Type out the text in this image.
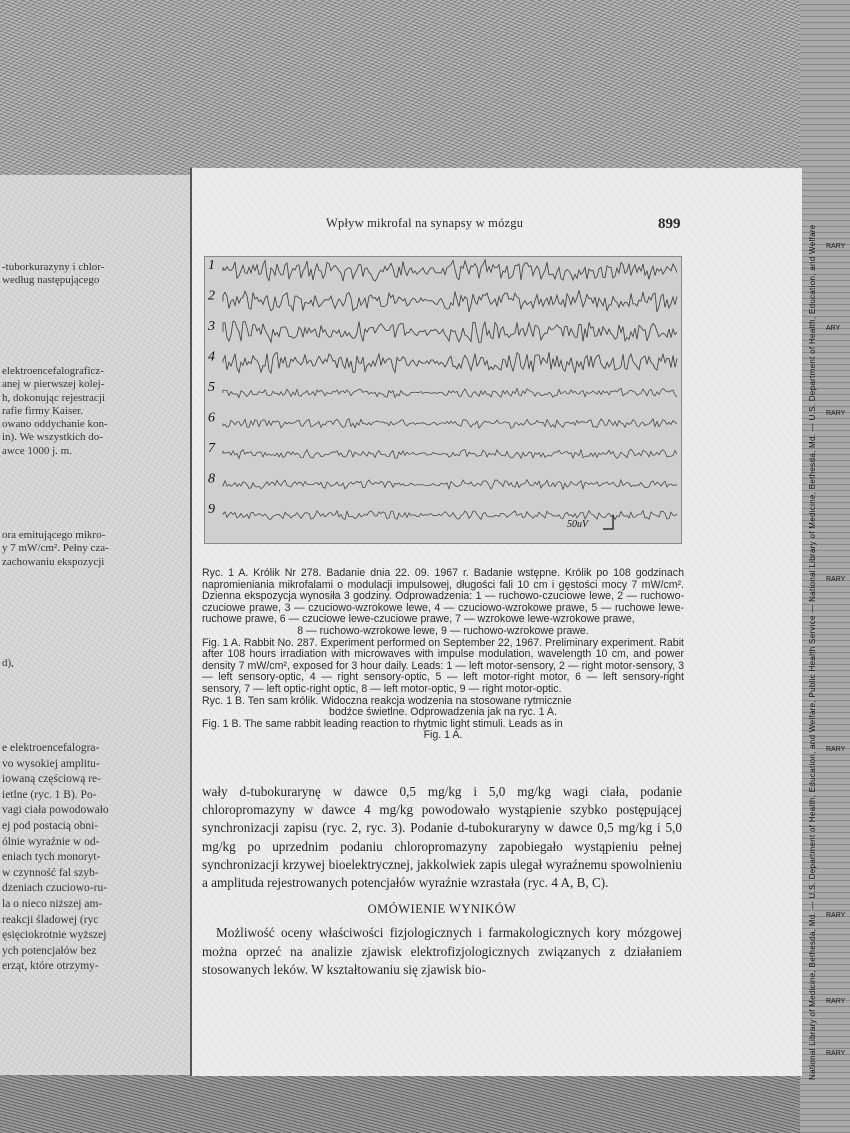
National Library of Medicine, Bethesda, Md. — U.S. Department of Health, Education, and Welfare, Public Health Service — National Library of Medicine, Bethesda, Md. — U.S. Department of Health, Education, and Welfare RARY
ARY
RARY
RARY
RARY
RARY
RARY
RARY
-tuborkurazyny i chlor-
według następującego
elektroencefalograficz-
anej w pierwszej kolej-
h, dokonując rejestracji
rafie firmy Kaiser.
owano oddychanie kon-
in). We wszystkich do-
awce 1000 j. m.
ora emitującego mikro-
y 7 mW/cm². Pełny cza-
zachowaniu ekspozycji
d),
e elektroencefalogra-
vo wysokiej amplitu-
iowaną częściową re-
ietlne (ryc. 1 B). Po-
vagi ciała powodowało
ej pod postacią obni-
ólnie wyraźnie w od-
eniach tych monoryt-
w czynność fal szyb-
dzeniach czuciowo-ru-
la o nieco niższej am-
reakcji śladowej (ryc
ęsięciokrotnie wyższej
ych potencjałów bez
erząt, które otrzymy-
Wpływ mikrofal na synapsy w mózgu	899
1
2
3
4
5
6
7
8
9
50uV

Ryc. 1 A. Królik Nr 278. Badanie dnia 22. 09. 1967 r. Badanie wstępne. Królik po 108 godzinach napromieniania mikrofalami o modulacji impulsowej, długości fali 10 cm i gęstości mocy 7 mW/cm². Dzienna ekspozycja wynosiła 3 godziny. Odprowadzenia: 1 — ruchowo-czuciowe lewe, 2 — ruchowo-czuciowe prawe, 3 — czuciowo-wzrokowe lewe, 4 — czuciowo-wzrokowe prawe, 5 — ruchowe lewe-ruchowe prawe, 6 — czuciowe lewe-czuciowe prawe, 7 — wzrokowe lewe-wzrokowe prawe,

8 — ruchowo-wzrokowe lewe, 9 — ruchowo-wzrokowe prawe.

Fig. 1 A. Rabbit No. 287. Experiment performed on September 22, 1967. Preliminary experiment. Rabit after 108 hours irradiation with microwaves with impulse modulation, wavelength 10 cm, and power density 7 mW/cm², exposed for 3 hour daily. Leads: 1 — left motor-sensory, 2 — right motor-sensory, 3 — left sensory-optic, 4 — right sensory-optic, 5 — left motor-right motor, 6 — left sensory-right sensory, 7 — left optic-right optic, 8 — left motor-optic, 9 — right motor-optic.

Ryc. 1 B. Ten sam królik. Widoczna reakcja wodzenia na stosowane rytmicznie

bodźce świetlne. Odprowadzenia jak na ryc. 1 A.

Fig. 1 B. The same rabbit leading reaction to rhytmic light stimuli. Leads as in

Fig. 1 A.

wały d-tubokurarynę w dawce 0,5 mg/kg i 5,0 mg/kg wagi ciała, podanie chloropromazyny w dawce 4 mg/kg powodowało wystąpienie szybko postępującej synchronizacji zapisu (ryc. 2, ryc. 3). Podanie d-tubokuraryny w dawce 0,5 mg/kg i 5,0 mg/kg po uprzednim podaniu chloropromazyny zapobiegało wystąpieniu pełnej synchronizacji krzywej bioelektrycznej, jakkolwiek zapis ulegał wyraźnemu spowolnieniu a amplituda rejestrowanych potencjałów wyraźnie wzrastała (ryc. 4 A, B, C).

OMÓWIENIE WYNIKÓW

Możliwość oceny właściwości fizjologicznych i farmakologicznych kory mózgowej można oprzeć na analizie zjawisk elektrofizjologicznych związanych z działaniem stosowanych leków. W kształtowaniu się zjawisk bio-
